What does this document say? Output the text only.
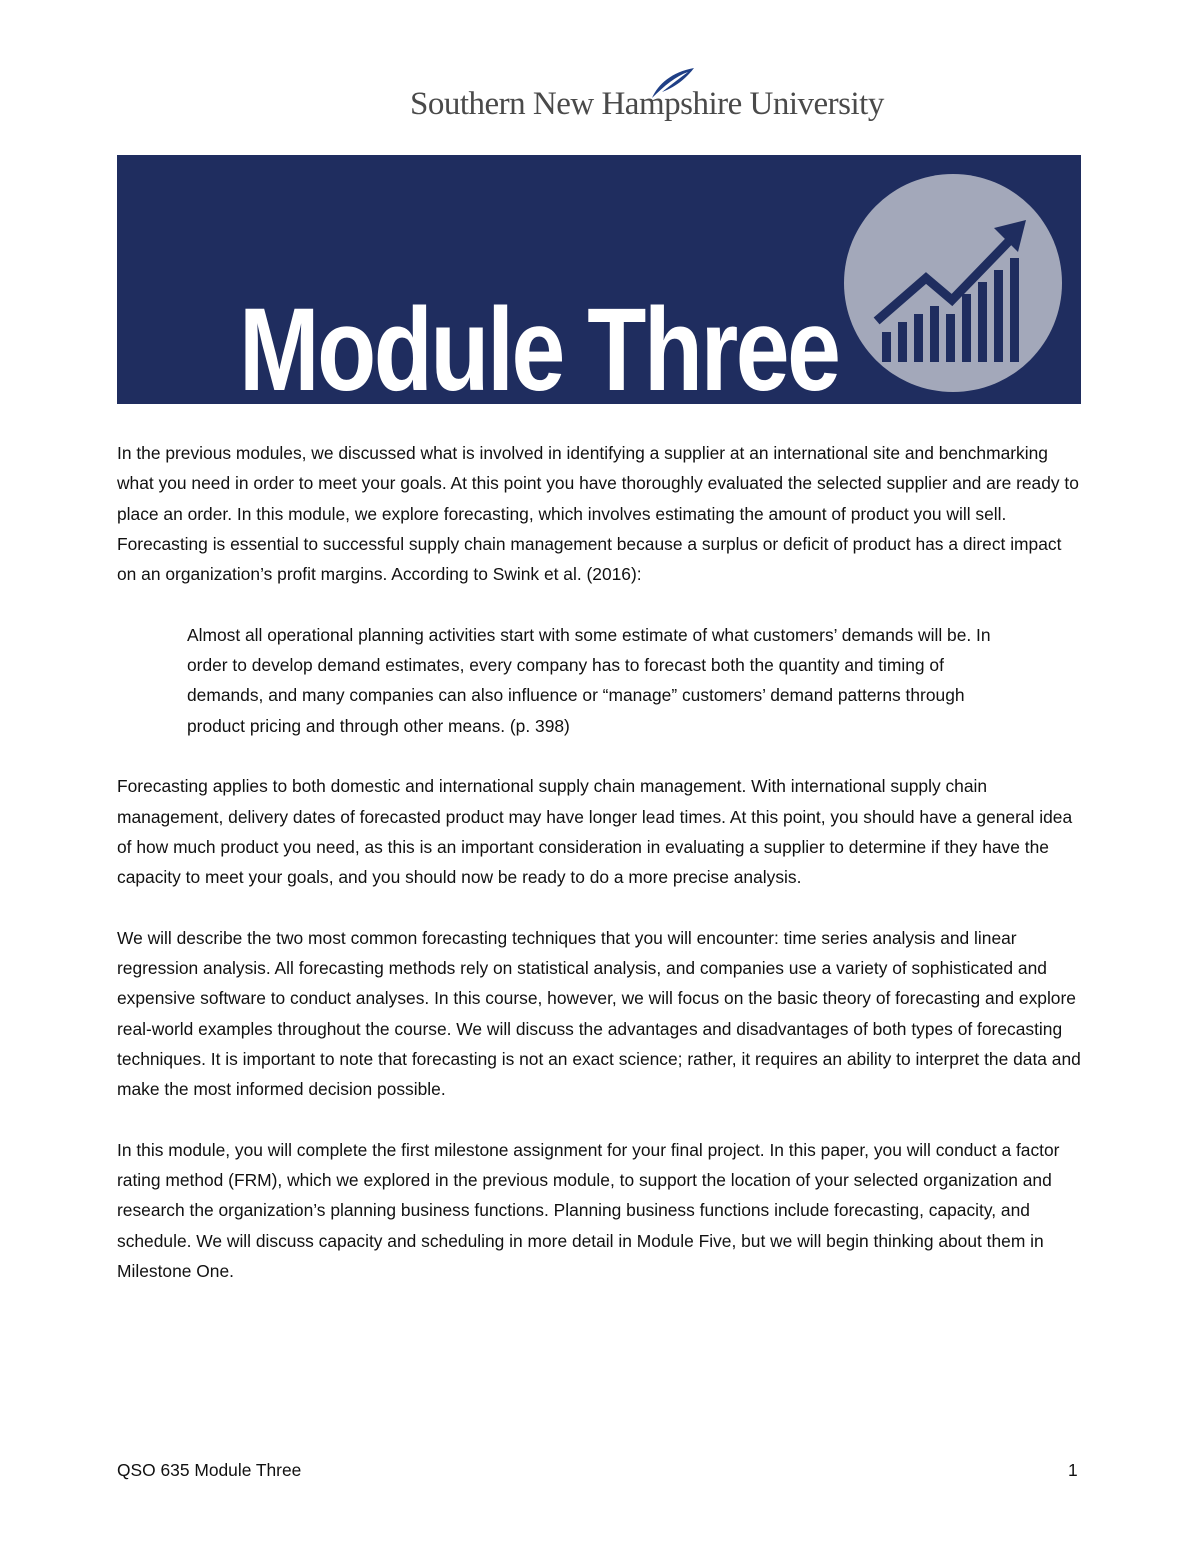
Southern New Hampshire University
Module Three

In the previous modules, we discussed what is involved in identifying a supplier at an international site and benchmarking what you need in order to meet your goals. At this point you have thoroughly evaluated the selected supplier and are ready to place an order. In this module, we explore forecasting, which involves estimating the amount of product you will sell. Forecasting is essential to successful supply chain management because a surplus or deficit of product has a direct impact on an organization’s profit margins. According to Swink et al. (2016):

Almost all operational planning activities start with some estimate of what customers’ demands will be. In order to develop demand estimates, every company has to forecast both the quantity and timing of demands, and many companies can also influence or “manage” customers’ demand patterns through product pricing and through other means. (p. 398)

Forecasting applies to both domestic and international supply chain management. With international supply chain management, delivery dates of forecasted product may have longer lead times. At this point, you should have a general idea of how much product you need, as this is an important consideration in evaluating a supplier to determine if they have the capacity to meet your goals, and you should now be ready to do a more precise analysis.

We will describe the two most common forecasting techniques that you will encounter: time series analysis and linear regression analysis. All forecasting methods rely on statistical analysis, and companies use a variety of sophisticated and expensive software to conduct analyses. In this course, however, we will focus on the basic theory of forecasting and explore real-world examples throughout the course. We will discuss the advantages and disadvantages of both types of forecasting techniques. It is important to note that forecasting is not an exact science; rather, it requires an ability to interpret the data and make the most informed decision possible.

In this module, you will complete the first milestone assignment for your final project. In this paper, you will conduct a factor rating method (FRM), which we explored in the previous module, to support the location of your selected organization and research the organization’s planning business functions. Planning business functions include forecasting, capacity, and schedule. We will discuss capacity and scheduling in more detail in Module Five, but we will begin thinking about them in Milestone One.

QSO 635 Module Three	1
